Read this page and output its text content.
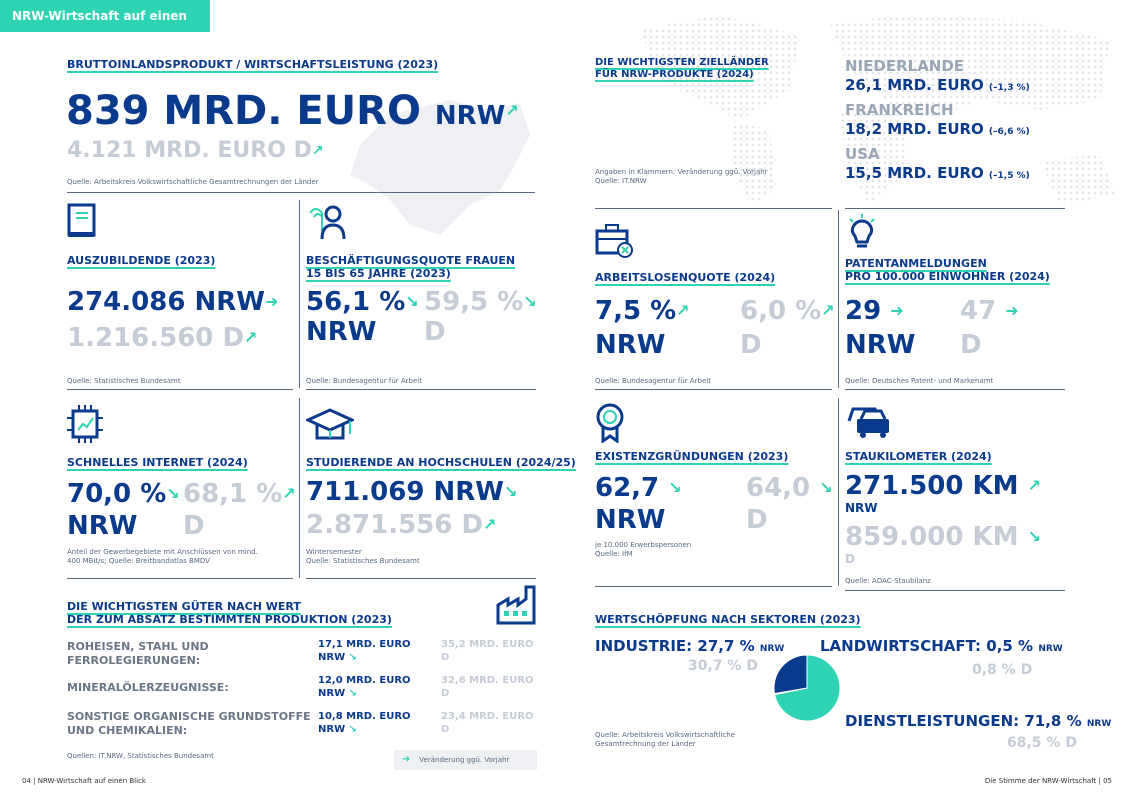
NRW-Wirtschaft auf einen Blick
BRUTTOINLANDSPRODUKT / WIRTSCHAFTSLEISTUNG (2023)
839 MRD. EURO NRW↗
4.121 MRD. EURO D↗
Quelle: Arbeitskreis Volkswirtschaftliche Gesamtrechnungen der Länder
AUSZUBILDENDE (2023)
274.086 NRW➜
1.216.560 D↗
Quelle: Statistisches Bundesamt
BESCHÄFTIGUNGSQUOTE FRAUEN
15 BIS 65 JAHRE (2023)
56,1 %↘
NRW
59,5 %↘
D
Quelle: Bundesagentur für Arbeit
SCHNELLES INTERNET (2024)
70,0 %↘
NRW
68,1 %↗
D
Anteil der Gewerbegebiete mit Anschlüssen von mind.
400 MBit/s; Quelle: Breitbandatlas BMDV
STUDIERENDE AN HOCHSCHULEN (2024/25)
711.069 NRW↘
2.871.556 D↗
Wintersemester
Quelle: Statistisches Bundesamt
DIE WICHTIGSTEN GÜTER NACH WERT
DER ZUM ABSATZ BESTIMMTEN PRODUKTION (2023)
ROHEISEN, STAHL UND
FERROLEGIERUNGEN:
17,1 MRD. EURO
NRW ↘
35,2 MRD. EURO
D
MINERALÖLERZEUGNISSE:
12,0 MRD. EURO
NRW ↘
32,6 MRD. EURO
D
SONSTIGE ORGANISCHE GRUNDSTOFFE
UND CHEMIKALIEN:
10,8 MRD. EURO
NRW ↘
23,4 MRD. EURO
D
Quellen: IT.NRW, Statistisches Bundesamt	➜ Veränderung ggü. Vorjahr
DIE WICHTIGSTEN ZIELLÄNDER
FÜR NRW-PRODUKTE (2024)
Angaben in Klammern: Veränderung ggü. Vorjahr
Quelle: IT.NRW
NIEDERLANDE
26,1 MRD. EURO (–1,3 %)
FRANKREICH
18,2 MRD. EURO (–6,6 %)
USA
15,5 MRD. EURO (–1,5 %)
ARBEITSLOSENQUOTE (2024)
7,5 %↗
NRW
6,0 %↗
D
Quelle: Bundesagentur für Arbeit
PATENTANMELDUNGEN
PRO 100.000 EINWOHNER (2024)
29 ➜
NRW
47 ➜
D
Quelle: Deutsches Patent- und Markenamt
EXISTENZGRÜNDUNGEN (2023)
62,7 ↘
NRW
64,0 ↘
D
je 10.000 Erwerbspersonen
Quelle: IfM
STAUKILOMETER (2024)
271.500 KM ↗
NRW
859.000 KM ↘
D
Quelle: ADAC-Staubilanz
WERTSCHÖPFUNG NACH SEKTOREN (2023)
INDUSTRIE: 27,7 % NRW
30,7 % D
LANDWIRTSCHAFT: 0,5 % NRW
0,8 % D
DIENSTLEISTUNGEN: 71,8 % NRW
68,5 % D
Quelle: Arbeitskreis Volkswirtschaftliche
Gesamtrechnung der Länder
04 | NRW-Wirtschaft auf einen Blick	Die Stimme der NRW-Wirtschaft | 05
